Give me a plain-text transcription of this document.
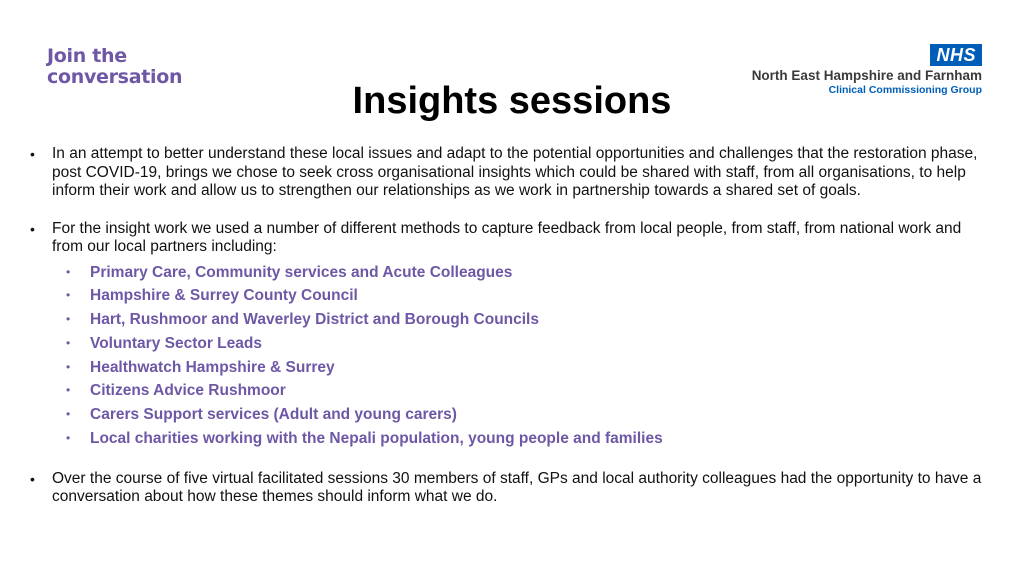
Join the
conversation
NHS
North East Hampshire and Farnham
Clinical Commissioning Group
Insights sessions
• In an attempt to better understand these local issues and adapt to the potential opportunities and challenges that the restoration phase, post COVID-19, brings we chose to seek cross organisational insights which could be shared with staff, from all organisations, to help inform their work and allow us to strengthen our relationships as we work in partnership towards a shared set of goals.
• For the insight work we used a number of different methods to capture feedback from local people, from staff, from national work and from our local partners including:
• Primary Care, Community services and Acute Colleagues
• Hampshire & Surrey County Council
• Hart, Rushmoor and Waverley District and Borough Councils
• Voluntary Sector Leads
• Healthwatch Hampshire & Surrey
• Citizens Advice Rushmoor
• Carers Support services (Adult and young carers)
• Local charities working with the Nepali population, young people and families
• Over the course of five virtual facilitated sessions 30 members of staff, GPs and local authority colleagues had the opportunity to have a conversation about how these themes should inform what we do.
